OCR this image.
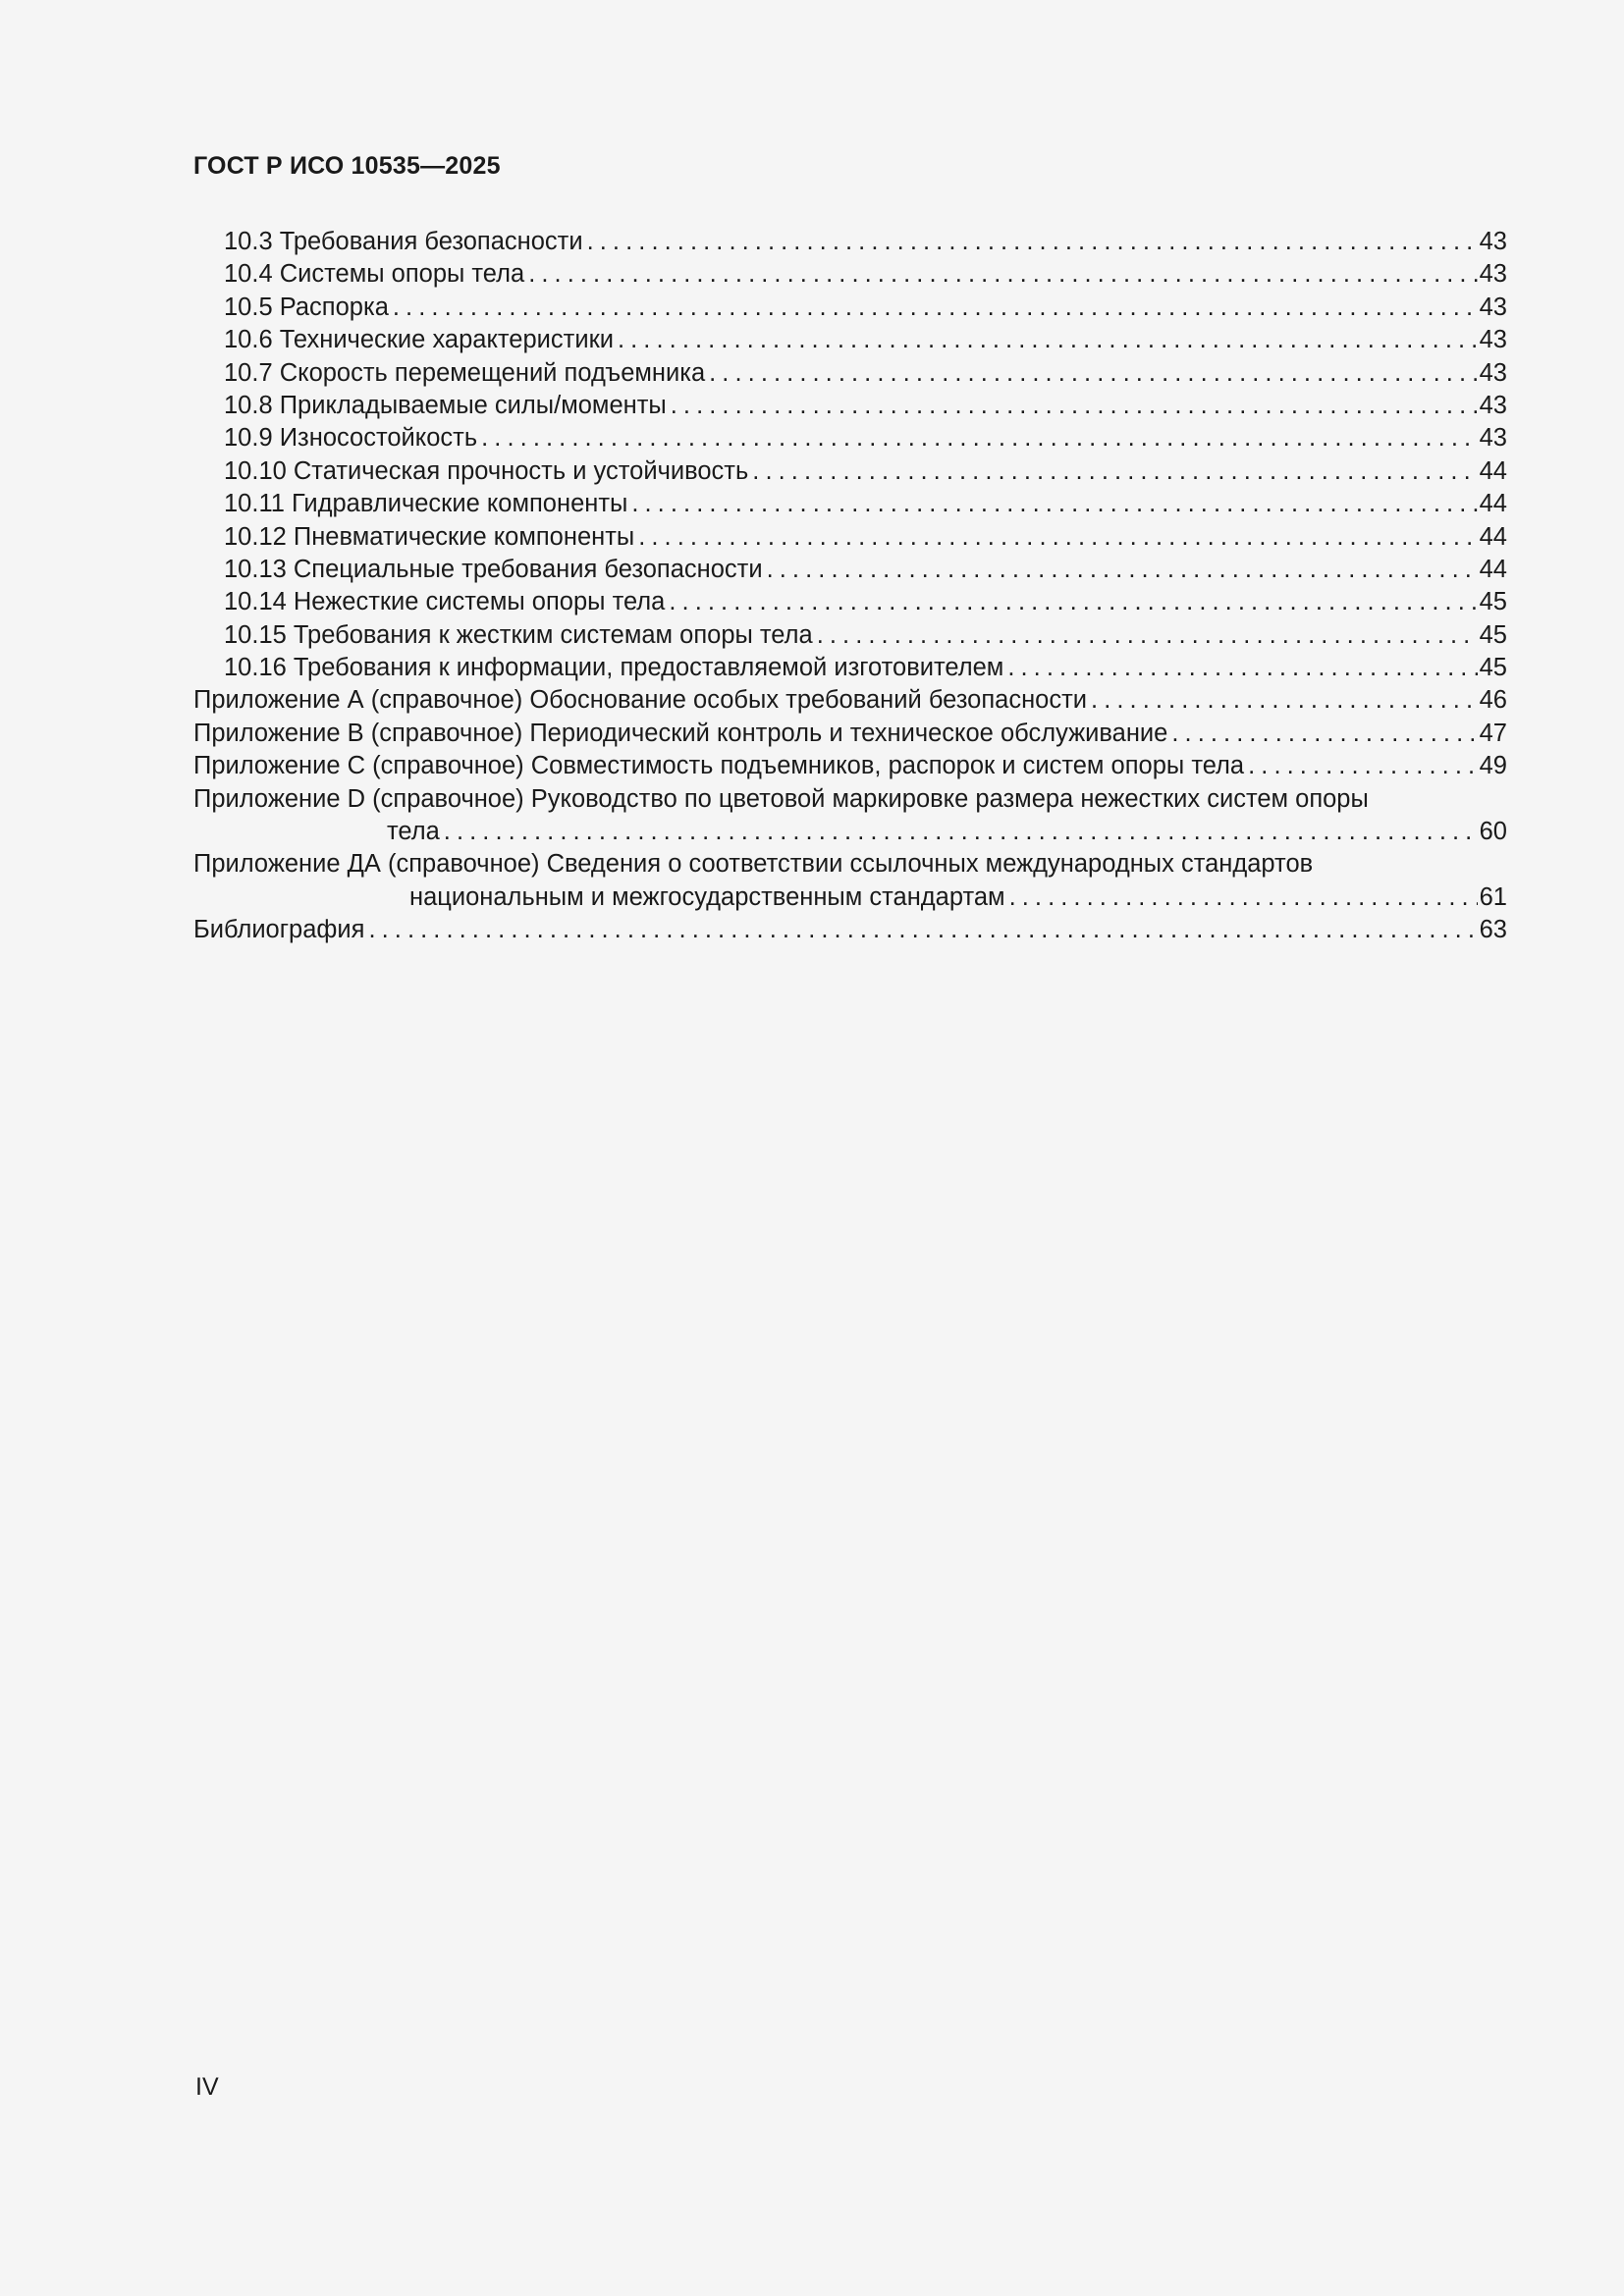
ГОСТ Р ИСО 10535—2025
10.3 Требования безопасности . . .	43
10.4 Системы опоры тела . . .	43
10.5 Распорка . . .	43
10.6 Технические характеристики . . .	43
10.7 Скорость перемещений подъемника . . .	43
10.8 Прикладываемые силы/моменты . . .	43
10.9 Износостойкость . . .	43
10.10 Статическая прочность и устойчивость . . .	44
10.11 Гидравлические компоненты . . .	44
10.12 Пневматические компоненты . . .	44
10.13 Специальные требования безопасности . . .	44
10.14 Нежесткие системы опоры тела . . .	45
10.15 Требования к жестким системам опоры тела . . .	45
10.16 Требования к информации, предоставляемой изготовителем . . .	45
Приложение А (справочное) Обоснование особых требований безопасности . . .	46
Приложение В (справочное) Периодический контроль и техническое обслуживание . . .	47
Приложение С (справочное) Совместимость подъемников, распорок и систем опоры тела . . .	49
Приложение D (справочное) Руководство по цветовой маркировке размера нежестких систем опоры
тела . . .	60
Приложение ДА (справочное) Сведения о соответствии ссылочных международных стандартов
национальным и межгосударственным стандартам . . .	61
Библиография . . .	63
IV
